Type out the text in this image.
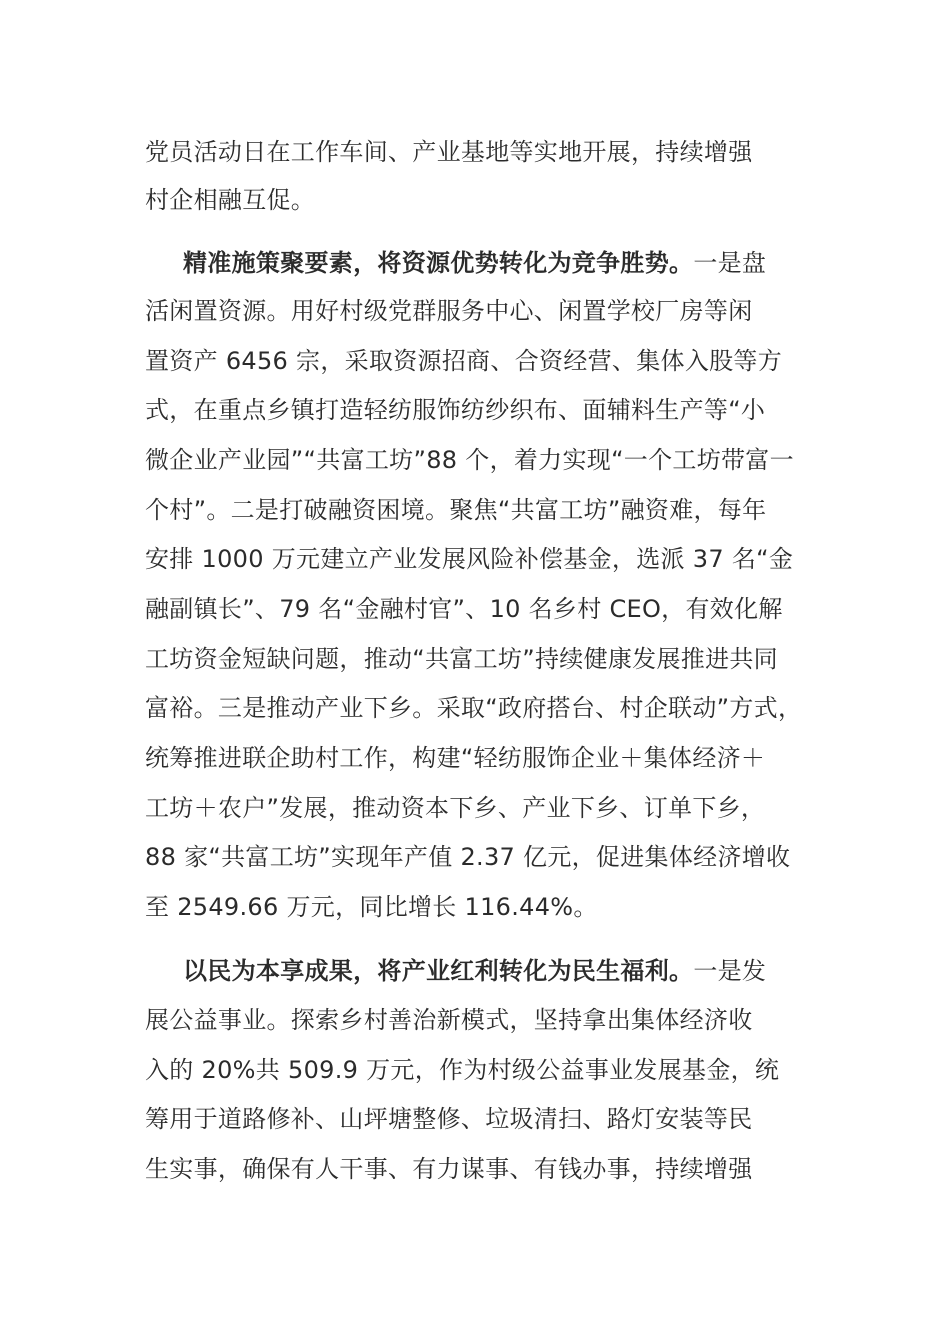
党员活动日在工作车间、产业基地等实地开展，持续增强
村企相融互促。
精准施策聚要素，将资源优势转化为竞争胜势。一是盘
活闲置资源。用好村级党群服务中心、闲置学校厂房等闲
置资产 6456 宗，采取资源招商、合资经营、集体入股等方
式，在重点乡镇打造轻纺服饰纺纱织布、面辅料生产等“小
微企业产业园”“共富工坊”88 个，着力实现“一个工坊带富一
个村”。二是打破融资困境。聚焦“共富工坊”融资难，每年
安排 1000 万元建立产业发展风险补偿基金，选派 37 名“金
融副镇长”、79 名“金融村官”、10 名乡村 CEO，有效化解
工坊资金短缺问题，推动“共富工坊”持续健康发展推进共同
富裕。三是推动产业下乡。采取“政府搭台、村企联动”方式，
统筹推进联企助村工作，构建“轻纺服饰企业＋集体经济＋
工坊＋农户”发展，推动资本下乡、产业下乡、订单下乡，
88 家“共富工坊”实现年产值 2.37 亿元，促进集体经济增收
至 2549.66 万元，同比增长 116.44%。
以民为本享成果，将产业红利转化为民生福利。一是发
展公益事业。探索乡村善治新模式，坚持拿出集体经济收
入的 20%共 509.9 万元，作为村级公益事业发展基金，统
筹用于道路修补、山坪塘整修、垃圾清扫、路灯安装等民
生实事，确保有人干事、有力谋事、有钱办事，持续增强
